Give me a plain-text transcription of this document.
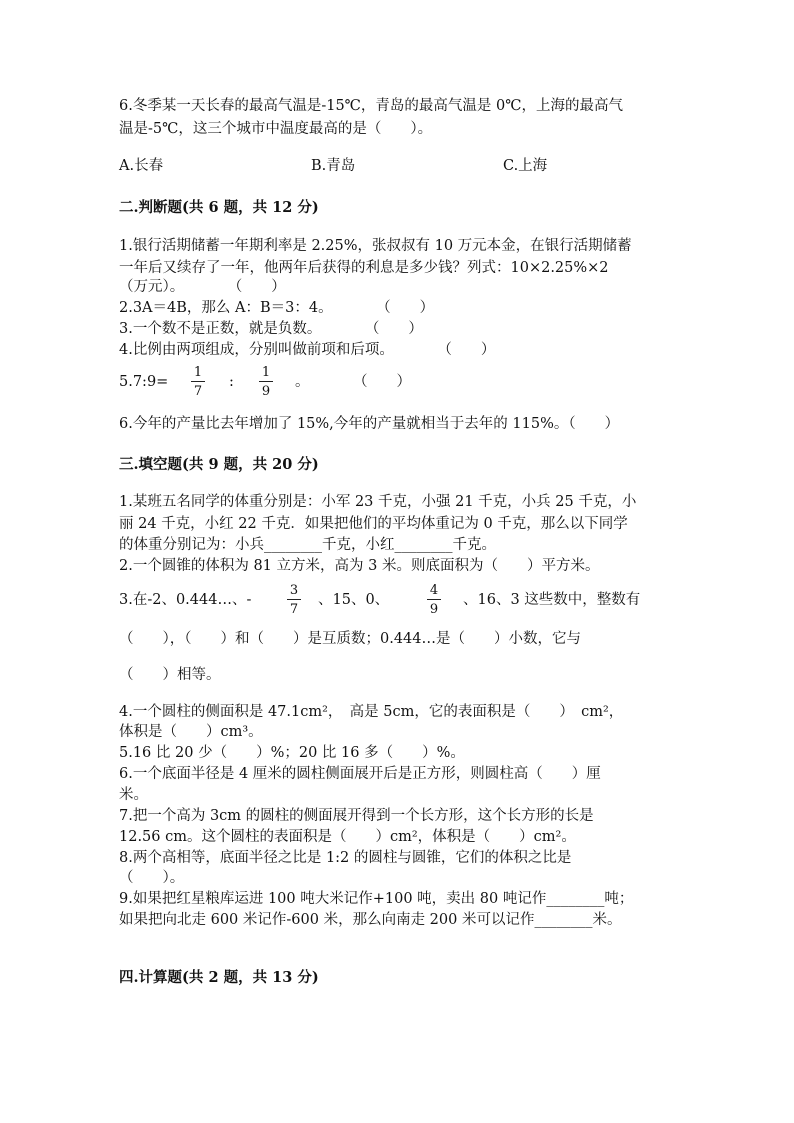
6.冬季某一天长春的最高气温是-15℃，青岛的最高气温是 0℃，上海的最高气
温是-5℃，这三个城市中温度最高的是（　　）。
A.长春	B.青岛	C.上海
二.判断题(共 6 题，共 12 分)
1.银行活期储蓄一年期利率是 2.25%，张叔叔有 10 万元本金，在银行活期储蓄
一年后又续存了一年，他两年后获得的利息是多少钱？列式：10×2.25%×2
（万元）。　　　　（　　）
2.3A＝4B，那么 A：B＝3：4。　　　　（　　）
3.一个数不是正数，就是负数。　　　　（　　）
4.比例由两项组成，分别叫做前项和后项。　　　　（　　）
5.7:9=
1
7
:
1
9
。　　　　（　　）
6.今年的产量比去年增加了 15%,今年的产量就相当于去年的 115%。（　　）
三.填空题(共 9 题，共 20 分)
1.某班五名同学的体重分别是：小军 23 千克，小强 21 千克，小兵 25 千克，小
丽 24 千克，小红 22 千克．如果把他们的平均体重记为 0 千克，那么以下同学
的体重分别记为：小兵________千克，小红________千克。
2.一个圆锥的体积为 81 立方米，高为 3 米。则底面积为（　　）平方米。
3.在-2、0.444…、-
3
7
、15、0、
4
9
、16、3 这些数中，整数有
（　　），（　　）和（　　）是互质数；0.444…是（　　）小数，它与
（　　）相等。
4.一个圆柱的侧面积是 47.1cm²，　高是 5cm，它的表面积是（　　）　cm²，
体积是（　　）cm³。
5.16 比 20 少（　　）%；20 比 16 多（　　）%。
6.一个底面半径是 4 厘米的圆柱侧面展开后是正方形，则圆柱高（　　）厘
米。
7.把一个高为 3cm 的圆柱的侧面展开得到一个长方形，这个长方形的长是
12.56 cm。这个圆柱的表面积是（　　）cm²，体积是（　　）cm²。
8.两个高相等，底面半径之比是 1:2 的圆柱与圆锥，它们的体积之比是
（　　）。
9.如果把红星粮库运进 100 吨大米记作+100 吨，卖出 80 吨记作________吨；
如果把向北走 600 米记作-600 米，那么向南走 200 米可以记作________米。
四.计算题(共 2 题，共 13 分)
